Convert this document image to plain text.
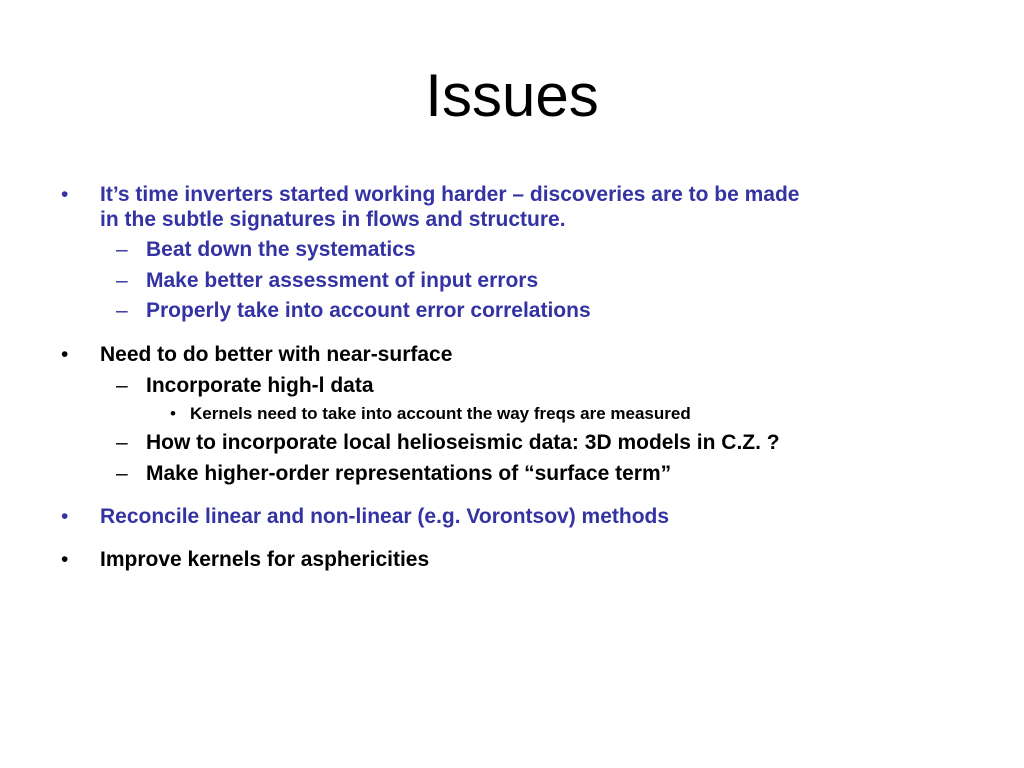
Issues
• It’s time inverters started working harder – discoveries are to be made
in the subtle signatures in flows and structure.
– Beat down the systematics
– Make better assessment of input errors
– Properly take into account error correlations
• Need to do better with near-surface
– Incorporate high-l data
• Kernels need to take into account the way freqs are measured
– How to incorporate local helioseismic data: 3D models in C.Z. ?
– Make higher-order representations of “surface term”
• Reconcile linear and non-linear (e.g. Vorontsov) methods
• Improve kernels for asphericities
